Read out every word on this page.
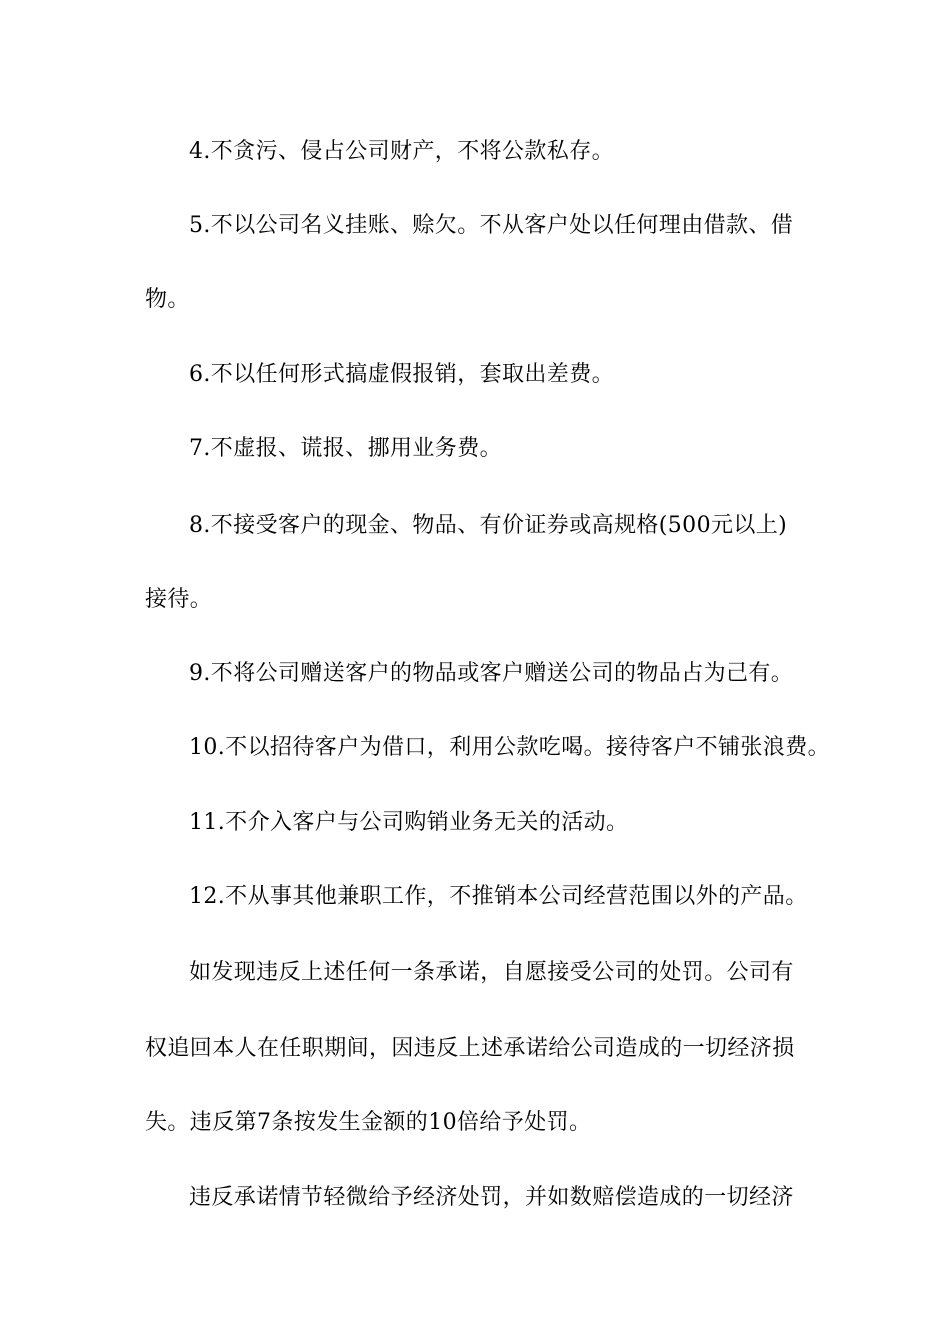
4.不贪污、侵占公司财产，不将公款私存。
5.不以公司名义挂账、赊欠。不从客户处以任何理由借款、借
物。
6.不以任何形式搞虚假报销，套取出差费。
7.不虚报、谎报、挪用业务费。
8.不接受客户的现金、物品、有价证券或高规格(500元以上)
接待。
9.不将公司赠送客户的物品或客户赠送公司的物品占为己有。
10.不以招待客户为借口，利用公款吃喝。接待客户不铺张浪费。
11.不介入客户与公司购销业务无关的活动。
12.不从事其他兼职工作，不推销本公司经营范围以外的产品。
如发现违反上述任何一条承诺，自愿接受公司的处罚。公司有
权追回本人在任职期间，因违反上述承诺给公司造成的一切经济损
失。违反第7条按发生金额的10倍给予处罚。
违反承诺情节轻微给予经济处罚，并如数赔偿造成的一切经济
